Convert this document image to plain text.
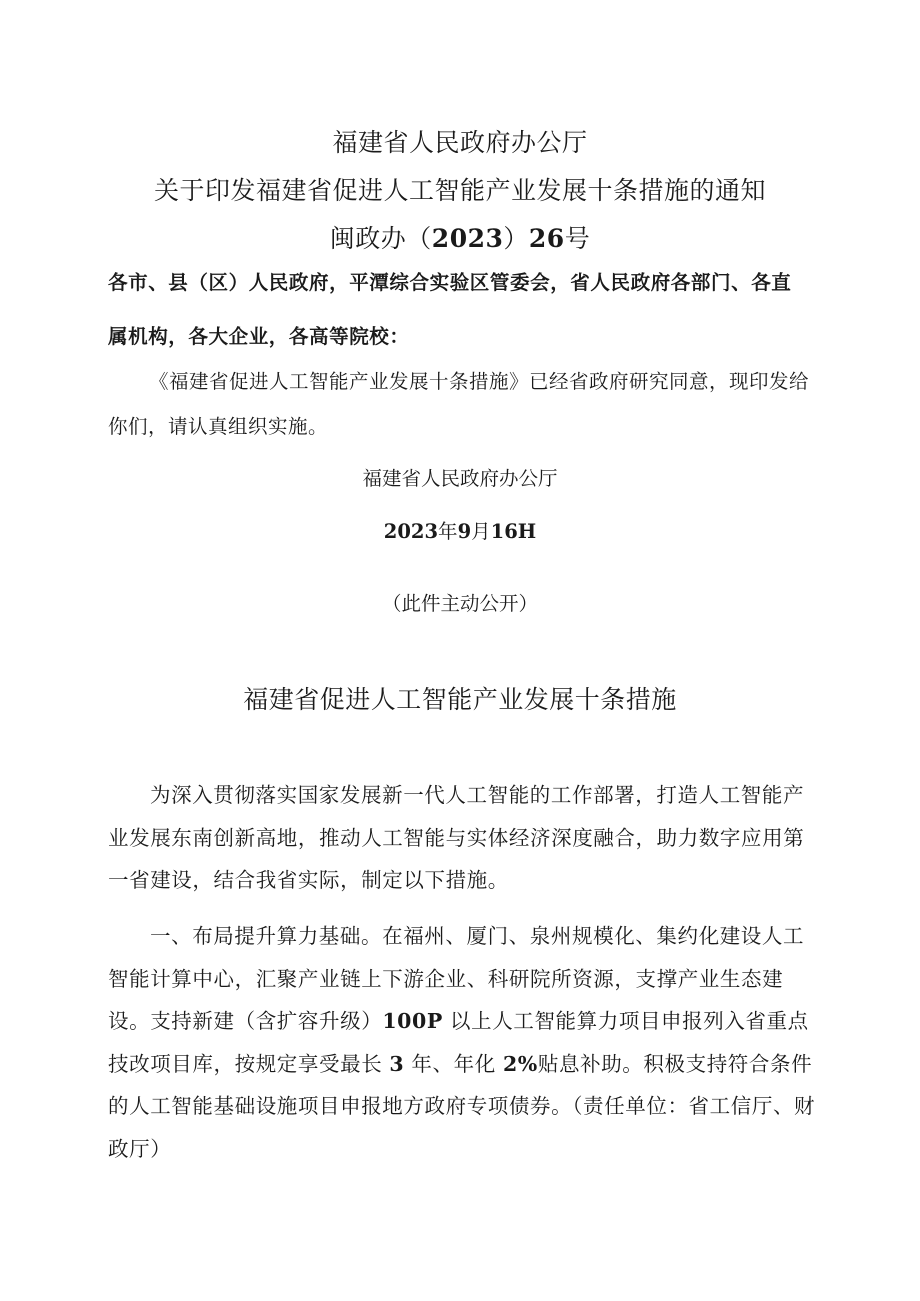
福建省人民政府办公厅
关于印发福建省促进人工智能产业发展十条措施的通知
闽政办（2023）26号
各市、县（区）人民政府，平潭综合实验区管委会，省人民政府各部门、各直属机构，各大企业，各高等院校：
《福建省促进人工智能产业发展十条措施》已经省政府研究同意，现印发给你们，请认真组织实施。
福建省人民政府办公厅
2023年9月16H
（此件主动公开）
福建省促进人工智能产业发展十条措施
为深入贯彻落实国家发展新一代人工智能的工作部署，打造人工智能产业发展东南创新高地，推动人工智能与实体经济深度融合，助力数字应用第一省建设，结合我省实际，制定以下措施。
一、布局提升算力基础。在福州、厦门、泉州规模化、集约化建设人工智能计算中心，汇聚产业链上下游企业、科研院所资源，支撑产业生态建设。支持新建（含扩容升级）100P 以上人工智能算力项目申报列入省重点技改项目库，按规定享受最长 3 年、年化 2%贴息补助。积极支持符合条件的人工智能基础设施项目申报地方政府专项债券。（责任单位：省工信厅、财政厅）
